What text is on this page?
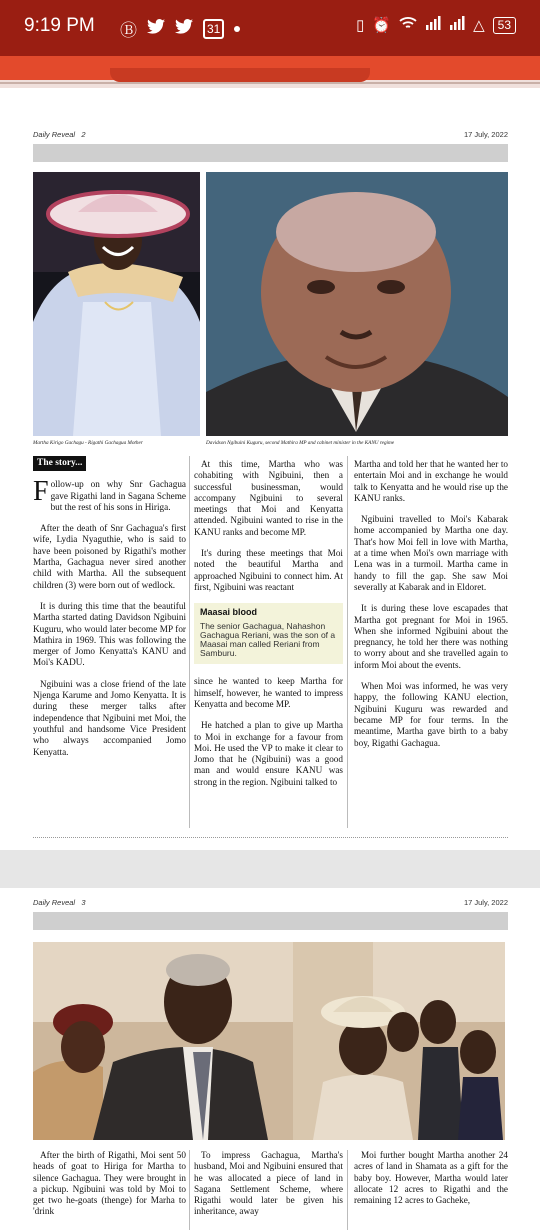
9:19 PM Ⓑ	31	▯ ⏰	△	53
Daily Reveal 2	17 July, 2022
Martha Kirigo Gachagu - Rigathi Gachagua Mother	Davidson Ngibuini Kuguru, second Mathira MP and cabinet minister in the KANU regime
The story...

Follow-up on why Snr Gachagua gave Rigathi land in Sagana Scheme but the rest of his sons in Hiriga.

After the death of Snr Gachagua's first wife, Lydia Nyaguthie, who is said to have been poisoned by Rigathi's mother Martha, Gachagua never sired another child with Martha. All the subsequent children (3) were born out of wedlock.

It is during this time that the beautiful Martha started dating Davidson Ngibuini Kuguru, who would later become MP for Mathira in 1969. This was following the merger of Jomo Kenyatta's KANU and Moi's KADU.

Ngibuini was a close friend of the late Njenga Karume and Jomo Kenyatta. It is during these merger talks after independence that Ngibuini met Moi, the youthful and handsome Vice President who always accompanied Jomo Kenyatta.

At this time, Martha who was cohabiting with Ngibuini, then a successful businessman, would accompany Ngibuini to several meetings that Moi and Kenyatta attended. Ngibuini wanted to rise in the KANU ranks and become MP.

It's during these meetings that Moi noted the beautiful Martha and approached Ngibuini to connect him. At first, Ngibuini was reactant

Maasai blood
The senior Gachagua, Nahashon Gachagua Reriani, was the son of a Maasai man called Reriani from Samburu.

since he wanted to keep Martha for himself, however, he wanted to impress Kenyatta and become MP.

He hatched a plan to give up Martha to Moi in exchange for a favour from Moi. He used the VP to make it clear to Jomo that he (Ngibuini) was a good man and would ensure KANU was strong in the region. Ngibuini talked to

Martha and told her that he wanted her to entertain Moi and in exchange he would talk to Kenyatta and he would rise up the KANU ranks.

Ngibuini travelled to Moi's Kabarak home accompanied by Martha one day. That's how Moi fell in love with Martha, at a time when Moi's own marriage with Lena was in a turmoil. Martha came in handy to fill the gap. She saw Moi severally at Kabarak and in Eldoret.

It is during these love escapades that Martha got pregnant for Moi in 1965. When she informed Ngibuini about the pregnancy, he told her there was nothing to worry about and she travelled again to inform Moi about the events.

When Moi was informed, he was very happy, the following KANU election, Ngibuini Kuguru was rewarded and became MP for four terms. In the meantime, Martha gave birth to a baby boy, Rigathi Gachagua.

Daily Reveal 3	17 July, 2022

After the birth of Rigathi, Moi sent 50 heads of goat to Hiriga for Martha to silence Gachagua. They were brought in a pickup. Ngibuini was told by Moi to get two he-goats (thenge) for Marha to 'drink

To impress Gachagua, Martha's husband, Moi and Ngibuini ensured that he was allocated a piece of land in Sagana Settlement Scheme, where Rigathi would later be given his inheritance, away

Moi further bought Martha another 24 acres of land in Shamata as a gift for the baby boy. However, Martha would later allocate 12 acres to Rigathi and the remaining 12 acres to Gacheke,
